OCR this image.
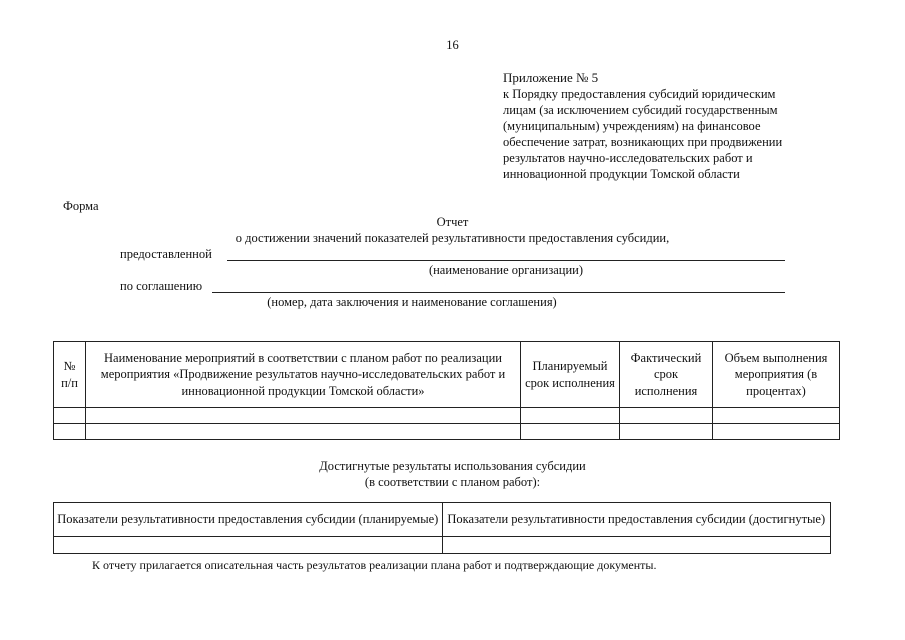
16
Приложение № 5
к Порядку предоставления субсидий юридическим
лицам (за исключением субсидий государственным
(муниципальным) учреждениям) на финансовое
обеспечение затрат, возникающих при продвижении
результатов научно-исследовательских работ и
инновационной продукции Томской области
Форма
Отчет
о достижении значений показателей результативности предоставления субсидии,
предоставленной
(наименование организации)
по соглашению
(номер, дата заключения и наименование соглашения)
№ п/п	Наименование мероприятий в соответствии с планом работ по реализации мероприятия «Продвижение результатов научно-исследовательских работ и инновационной продукции Томской области»	Планируемый срок исполнения	Фактический срок исполнения	Объем выполнения мероприятия (в процентах)

Достигнутые результаты использования субсидии
(в соответствии с планом работ):
Показатели результативности предоставления субсидии (планируемые)	Показатели результативности предоставления субсидии (достигнутые)

К отчету прилагается описательная часть результатов реализации плана работ и подтверждающие документы.
